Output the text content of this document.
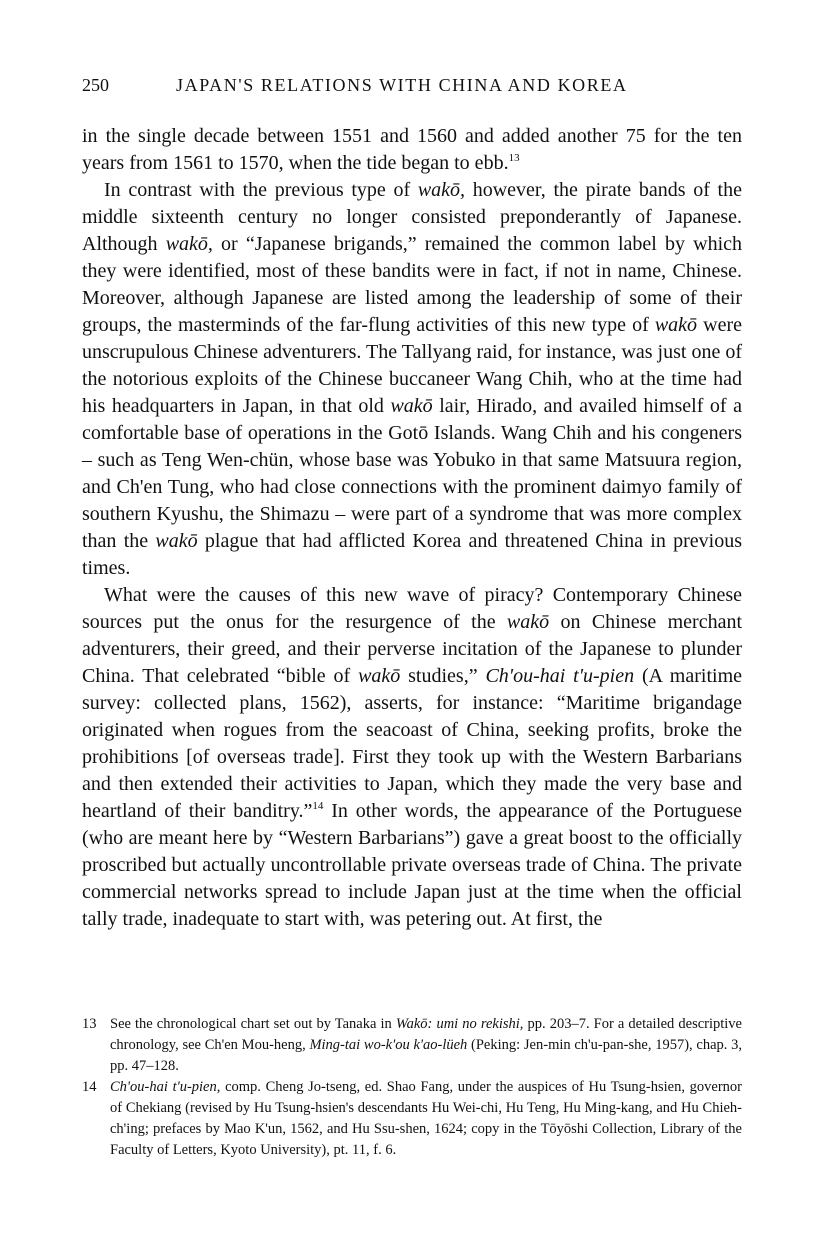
250	JAPAN'S RELATIONS WITH CHINA AND KOREA

in the single decade between 1551 and 1560 and added another 75 for the ten years from 1561 to 1570, when the tide began to ebb.$^{13}$

In contrast with the previous type of wakō, however, the pirate bands of the middle sixteenth century no longer consisted preponderantly of Japanese. Although wakō, or “Japanese brigands,” remained the common label by which they were identified, most of these bandits were in fact, if not in name, Chinese. Moreover, although Japanese are listed among the leadership of some of their groups, the masterminds of the far-flung activities of this new type of wakō were unscrupulous Chinese adventurers. The Tallyang raid, for instance, was just one of the notorious exploits of the Chinese buccaneer Wang Chih, who at the time had his headquarters in Japan, in that old wakō lair, Hirado, and availed himself of a comfortable base of operations in the Gotō Islands. Wang Chih and his congeners – such as Teng Wen-chün, whose base was Yobuko in that same Matsuura region, and Ch'en Tung, who had close connections with the prominent daimyo family of southern Kyushu, the Shimazu – were part of a syndrome that was more complex than the wakō plague that had afflicted Korea and threatened China in previous times.

What were the causes of this new wave of piracy? Contemporary Chinese sources put the onus for the resurgence of the wakō on Chinese merchant adventurers, their greed, and their perverse incitation of the Japanese to plunder China. That celebrated “bible of wakō studies,” Ch'ou-hai t'u-pien (A maritime survey: collected plans, 1562), asserts, for instance: “Maritime brigandage originated when rogues from the seacoast of China, seeking profits, broke the prohibitions [of overseas trade]. First they took up with the Western Barbarians and then extended their activities to Japan, which they made the very base and heartland of their banditry.”$^{14}$ In other words, the appearance of the Portuguese (who are meant here by “Western Barbarians”) gave a great boost to the officially proscribed but actually uncontrollable private overseas trade of China. The private commercial networks spread to include Japan just at the time when the official tally trade, inadequate to start with, was petering out. At first, the

13 See the chronological chart set out by Tanaka in Wakō: umi no rekishi, pp. 203–7. For a detailed descriptive chronology, see Ch'en Mou-heng, Ming-tai wo-k'ou k'ao-lüeh (Peking: Jen-min ch'u-pan-she, 1957), chap. 3, pp. 47–128.
14 Ch'ou-hai t'u-pien, comp. Cheng Jo-tseng, ed. Shao Fang, under the auspices of Hu Tsung-hsien, governor of Chekiang (revised by Hu Tsung-hsien's descendants Hu Wei-chi, Hu Teng, Hu Ming-kang, and Hu Chieh-ch'ing; prefaces by Mao K'un, 1562, and Hu Ssu-shen, 1624; copy in the Tōyōshi Collection, Library of the Faculty of Letters, Kyoto University), pt. 11, f. 6.
